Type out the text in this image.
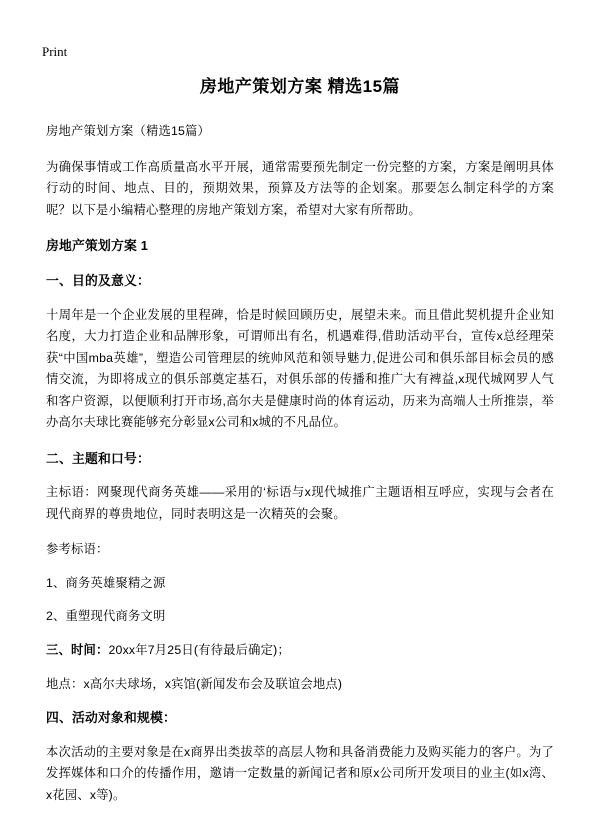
Print
房地产策划方案 精选15篇

房地产策划方案（精选15篇）

为确保事情或工作高质量高水平开展，通常需要预先制定一份完整的方案，方案是阐明具体行动的时间、地点、目的，预期效果，预算及方法等的企划案。那要怎么制定科学的方案呢？以下是小编精心整理的房地产策划方案，希望对大家有所帮助。

房地产策划方案 1

一、目的及意义：

十周年是一个企业发展的里程碑，恰是时候回顾历史，展望未来。而且借此契机提升企业知名度，大力打造企业和品牌形象，可谓师出有名，机遇难得,借助活动平台，宣传x总经理荣获“中国mba英雄”，塑造公司管理层的统帅风范和领导魅力,促进公司和俱乐部目标会员的感情交流，为即将成立的俱乐部奠定基石，对俱乐部的传播和推广大有裨益,x现代城网罗人气和客户资源，以便顺利打开市场,高尔夫是健康时尚的体育运动，历来为高端人士所推崇，举办高尔夫球比赛能够充分彰显x公司和x城的不凡品位。

二、主题和口号：

主标语：网聚现代商务英雄——采用的‘标语与x现代城推广主题语相互呼应，实现与会者在现代商界的尊贵地位，同时表明这是一次精英的会聚。

参考标语：

1、商务英雄聚精之源

2、重塑现代商务文明

三、时间：20xx年7月25日(有待最后确定)；

地点：x高尔夫球场，x宾馆(新闻发布会及联谊会地点)

四、活动对象和规模：

本次活动的主要对象是在x商界出类拔萃的高层人物和具备消费能力及购买能力的客户。为了发挥媒体和口介的传播作用，邀请一定数量的新闻记者和原x公司所开发项目的业主(如x湾、x花园、x等)。
